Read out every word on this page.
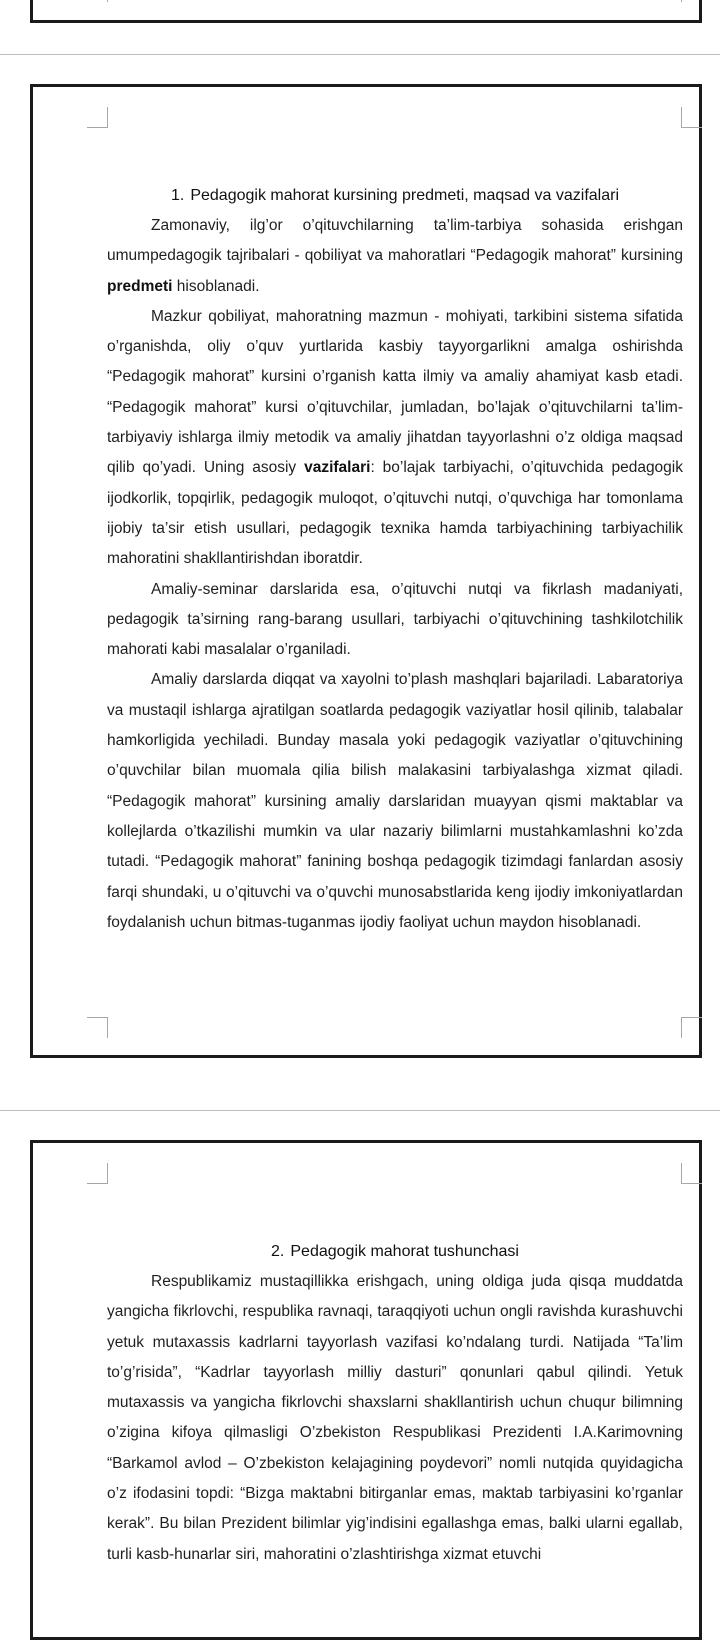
1. Pedagogik mahorat kursining predmeti, maqsad va vazifalari

Zamonaviy, ilg’or o’qituvchilarning ta’lim-tarbiya sohasida erishgan umumpedagogik tajribalari - qobiliyat va mahoratlari “Pedagogik mahorat” kursining predmeti hisoblanadi.

Mazkur qobiliyat, mahoratning mazmun - mohiyati, tarkibini sistema sifatida o’rganishda, oliy o’quv yurtlarida kasbiy tayyorgarlikni amalga oshirishda “Pedagogik mahorat” kursini o’rganish katta ilmiy va amaliy ahamiyat kasb etadi. “Pedagogik mahorat” kursi o’qituvchilar, jumladan, bo’lajak o’qituvchilarni ta’lim-tarbiyaviy ishlarga ilmiy metodik va amaliy jihatdan tayyorlashni o’z oldiga maqsad qilib qo’yadi. Uning asosiy vazifalari: bo’lajak tarbiyachi, o’qituvchida pedagogik ijodkorlik, topqirlik, pedagogik muloqot, o’qituvchi nutqi, o’quvchiga har tomonlama ijobiy ta’sir etish usullari, pedagogik texnika hamda tarbiyachining tarbiyachilik mahoratini shakllantirishdan iboratdir.

Amaliy-seminar darslarida esa, o’qituvchi nutqi va fikrlash madaniyati, pedagogik ta’sirning rang-barang usullari, tarbiyachi o’qituvchining tashkilotchilik mahorati kabi masalalar o’rganiladi.

Amaliy darslarda diqqat va xayolni to’plash mashqlari bajariladi. Labaratoriya va mustaqil ishlarga ajratilgan soatlarda pedagogik vaziyatlar hosil qilinib, talabalar hamkorligida yechiladi. Bunday masala yoki pedagogik vaziyatlar o’qituvchining o’quvchilar bilan muomala qilia bilish malakasini tarbiyalashga xizmat qiladi. “Pedagogik mahorat” kursining amaliy darslaridan muayyan qismi maktablar va kollejlarda o’tkazilishi mumkin va ular nazariy bilimlarni mustahkamlashni ko’zda tutadi. “Pedagogik mahorat” fanining boshqa pedagogik tizimdagi fanlardan asosiy farqi shundaki, u o’qituvchi va o’quvchi munosabstlarida keng ijodiy imkoniyatlardan foydalanish uchun bitmas-tuganmas ijodiy faoliyat uchun maydon hisoblanadi.

2. Pedagogik mahorat tushunchasi

Respublikamiz mustaqillikka erishgach, uning oldiga juda qisqa muddatda yangicha fikrlovchi, respublika ravnaqi, taraqqiyoti uchun ongli ravishda kurashuvchi yetuk mutaxassis kadrlarni tayyorlash vazifasi ko’ndalang turdi. Natijada “Ta’lim to’g’risida”, “Kadrlar tayyorlash milliy dasturi” qonunlari qabul qilindi. Yetuk mutaxassis va yangicha fikrlovchi shaxslarni shakllantirish uchun chuqur bilimning o’zigina kifoya qilmasligi O’zbekiston Respublikasi Prezidenti I.A.Karimovning “Barkamol avlod – O’zbekiston kelajagining poydevori” nomli nutqida quyidagicha o’z ifodasini topdi: “Bizga maktabni bitirganlar emas, maktab tarbiyasini ko’rganlar kerak”. Bu bilan Prezident bilimlar yig’indisini egallashga emas, balki ularni egallab, turli kasb-hunarlar siri, mahoratini o’zlashtirishga xizmat etuvchi
